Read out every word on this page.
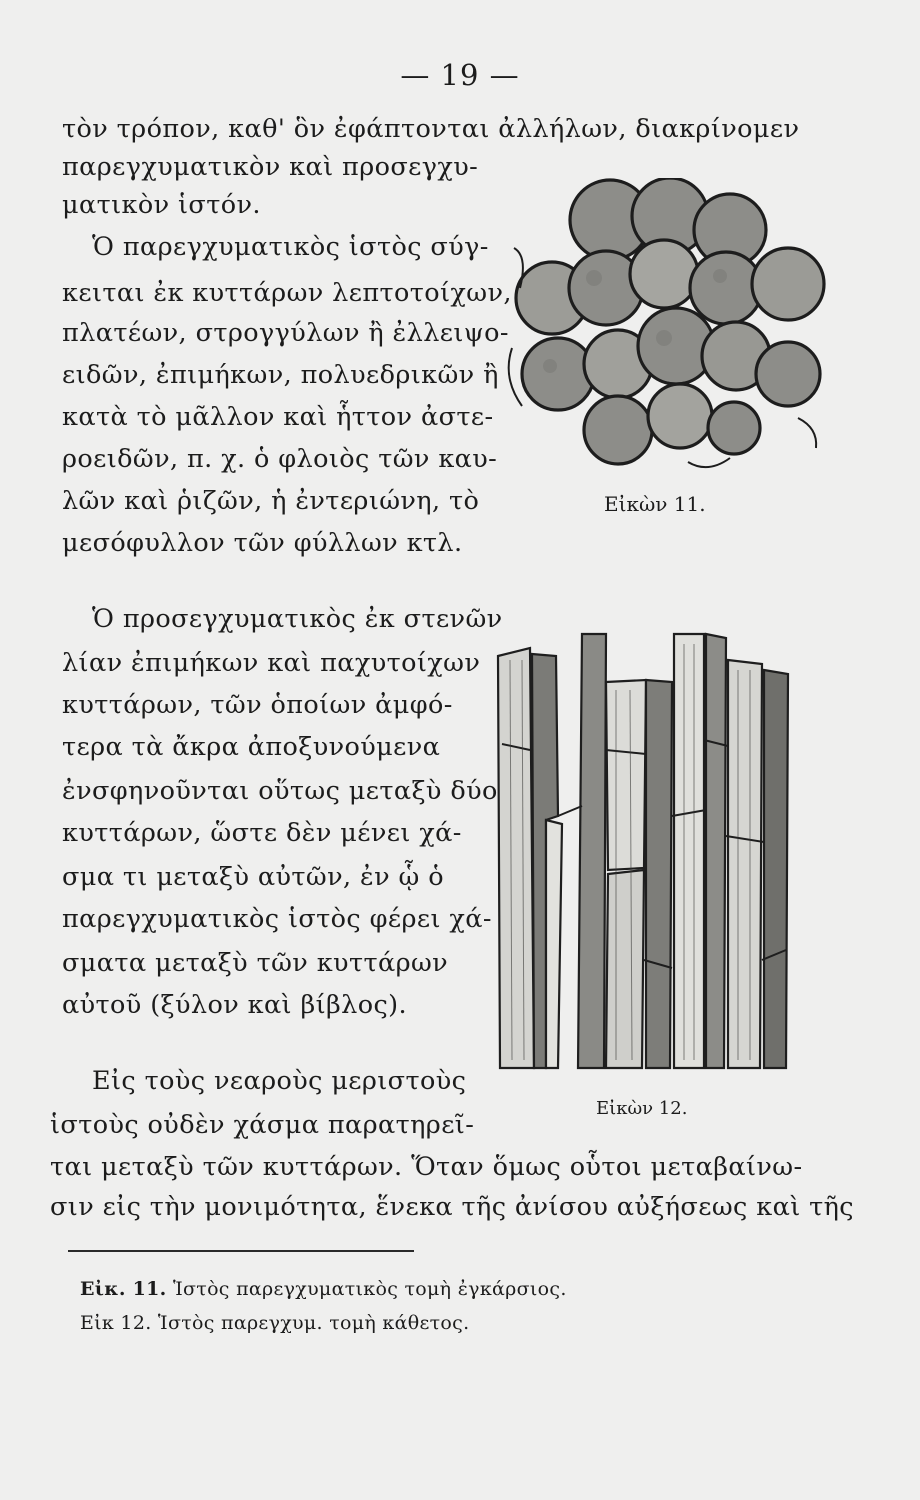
— 19 —
τὸν τρόπον, καθ' ὃν ἐφάπτονται ἀλλήλων, διακρίνομεν
παρεγχυματικὸν καὶ προσεγχυ-
ματικὸν ἱστόν.
Ὁ παρεγχυματικὸς ἱστὸς σύγ-
κειται ἐκ κυττάρων λεπτοτοίχων,
πλατέων, στρογγύλων ἢ ἐλλειψο-
ειδῶν, ἐπιμήκων, πολυεδρικῶν ἢ
κατὰ τὸ μᾶλλον καὶ ἧττον ἀστε-
ροειδῶν, π. χ. ὁ φλοιὸς τῶν καυ-
λῶν καὶ ῥιζῶν, ἡ ἐντεριώνη, τὸ
μεσόφυλλον τῶν φύλλων κτλ.
Ὁ προσεγχυματικὸς ἐκ στενῶν
λίαν ἐπιμήκων καὶ παχυτοίχων
κυττάρων, τῶν ὁποίων ἀμφό-
τερα τὰ ἄκρα ἀποξυνούμενα
ἐνσφηνοῦνται οὕτως μεταξὺ δύο
κυττάρων, ὥστε δὲν μένει χά-
σμα τι μεταξὺ αὐτῶν, ἐν ᾧ ὁ
παρεγχυματικὸς ἱστὸς φέρει χά-
σματα μεταξὺ τῶν κυττάρων
αὐτοῦ (ξύλον καὶ βίβλος).
Εἰς τοὺς νεαροὺς μεριστοὺς
ἱστοὺς οὐδὲν χάσμα παρατηρεῖ-
ται μεταξὺ τῶν κυττάρων. Ὅταν ὅμως οὗτοι μεταβαίνω-
σιν εἰς τὴν μονιμότητα, ἕνεκα τῆς ἀνίσου αὐξήσεως καὶ τῆς
Εἰκὼν 11.
Εἰκὼν 12.
Εἰκ. 11. Ἱστὸς παρεγχυματικὸς τομὴ ἐγκάρσιος.
Εἰκ 12. Ἱστὸς παρεγχυμ. τομὴ κάθετος.
